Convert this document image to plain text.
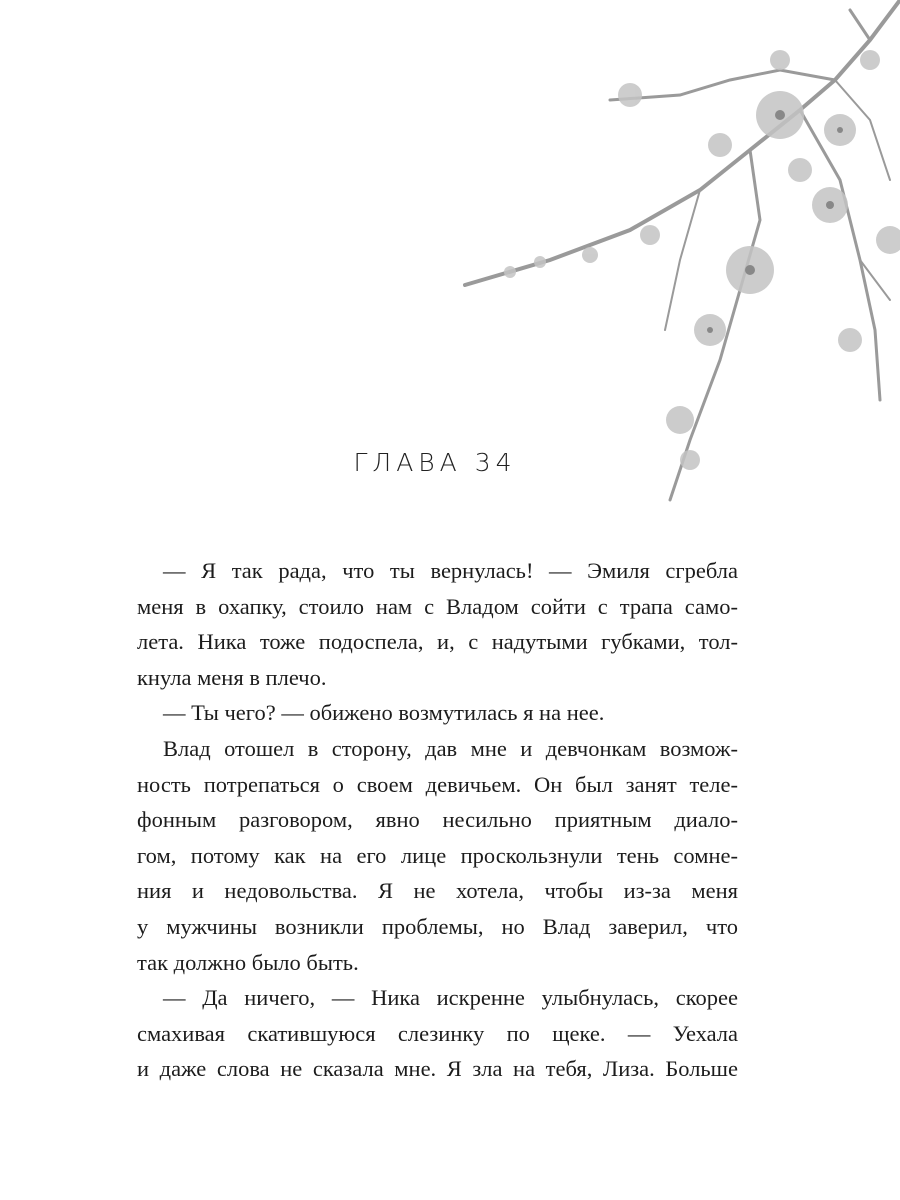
ГЛАВА 34
— Я так рада, что ты вернулась! — Эмиля сгребла
меня в охапку, стоило нам с Владом сойти с трапа само-
лета. Ника тоже подоспела, и, с надутыми губками, тол-
кнула меня в плечо.
— Ты чего? — обижено возмутилась я на нее.
Влад отошел в сторону, дав мне и девчонкам возмож-
ность потрепаться о своем девичьем. Он был занят теле-
фонным разговором, явно несильно приятным диало-
гом, потому как на его лице проскользнули тень сомне-
ния и недовольства. Я не хотела, чтобы из-за меня
у мужчины возникли проблемы, но Влад заверил, что
так должно было быть.
— Да ничего, — Ника искренне улыбнулась, скорее
смахивая скатившуюся слезинку по щеке. — Уехала
и даже слова не сказала мне. Я зла на тебя, Лиза. Больше
